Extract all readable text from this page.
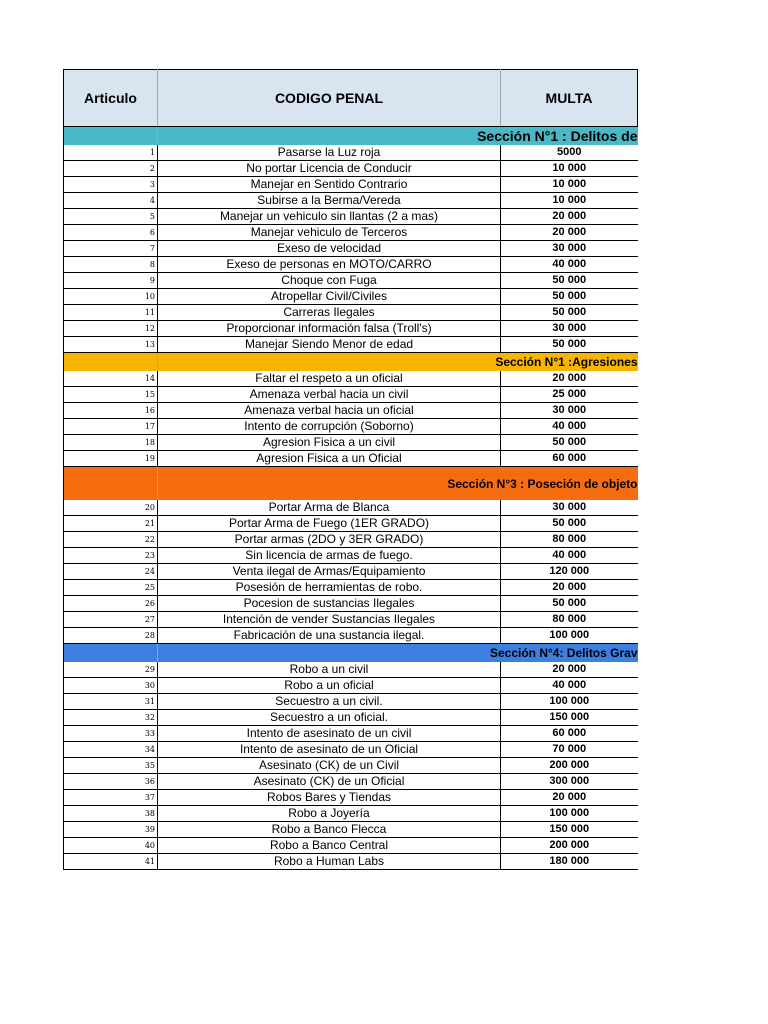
Articulo	CODIGO PENAL	MULTA
	Sección N°1 : Delitos de	
1	Pasarse la Luz roja	5000
2	No portar Licencia de Conducir	10 000
3	Manejar en Sentido Contrario	10 000
4	Subirse a la Berma/Vereda	10 000
5	Manejar un vehiculo sin llantas (2 a mas)	20 000
6	Manejar vehiculo de Terceros	20 000
7	Exeso de velocidad	30 000
8	Exeso de personas en MOTO/CARRO	40 000
9	Choque con Fuga	50 000
10	Atropellar Civil/Civiles	50 000
11	Carreras Ilegales	50 000
12	Proporcionar información falsa (Troll's)	30 000
13	Manejar Siendo Menor de edad	50 000
	Sección N°1 :Agresiones	
14	Faltar el respeto a un oficial	20 000
15	Amenaza verbal hacia un civil	25 000
16	Amenaza verbal hacia un oficial	30 000
17	Intento de corrupción (Soborno)	40 000
18	Agresion Fisica a un civil	50 000
19	Agresion Fisica a un Oficial	60 000
	Sección N°3 : Poseción de objeto	
20	Portar Arma de Blanca	30 000
21	Portar Arma de Fuego (1ER GRADO)	50 000
22	Portar armas (2DO y 3ER GRADO)	80 000
23	Sin licencia de armas de fuego.	40 000
24	Venta ilegal de Armas/Equipamiento	120 000
25	Posesión de herramientas de robo.	20 000
26	Pocesion de sustancias Ilegales	50 000
27	Intención de vender Sustancias Ilegales	80 000
28	Fabricación de una sustancia ilegal.	100 000
	Sección N°4: Delitos Grav	
29	Robo a un civil	20 000
30	Robo a un oficial	40 000
31	Secuestro a un civil.	100 000
32	Secuestro a un oficial.	150 000
33	Intento de asesinato de un civil	60 000
34	Intento de asesinato de un Oficial	70 000
35	Asesinato (CK) de un Civil	200 000
36	Asesinato (CK) de un Oficial	300 000
37	Robos Bares y Tiendas	20 000
38	Robo a Joyería	100 000
39	Robo a Banco Flecca	150 000
40	Robo a Banco Central	200 000
41	Robo a Human Labs	180 000
